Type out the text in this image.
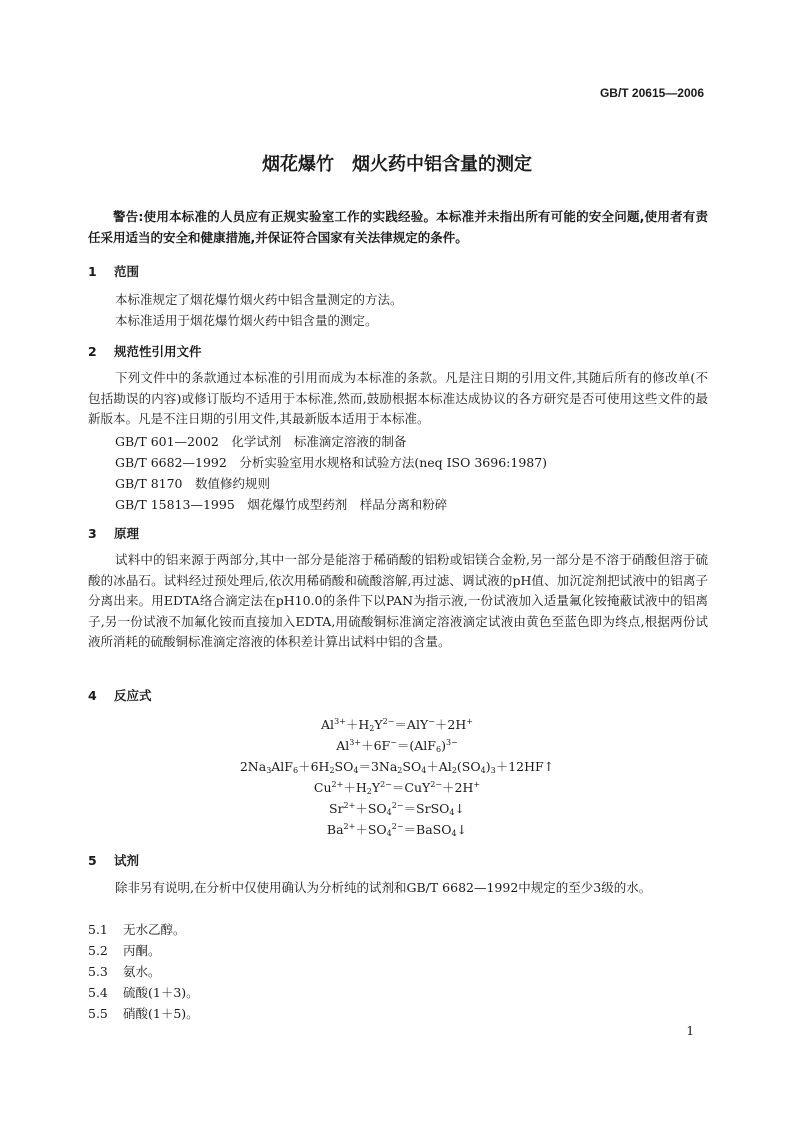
GB/T 20615—2006
烟花爆竹　烟火药中铝含量的测定
警告:使用本标准的人员应有正规实验室工作的实践经验。本标准并未指出所有可能的安全问题,使用者有责任采用适当的安全和健康措施,并保证符合国家有关法律规定的条件。
1 范围
本标准规定了烟花爆竹烟火药中铝含量测定的方法。
本标准适用于烟花爆竹烟火药中铝含量的测定。
2 规范性引用文件
下列文件中的条款通过本标准的引用而成为本标准的条款。凡是注日期的引用文件,其随后所有的修改单(不包括勘误的内容)或修订版均不适用于本标准,然而,鼓励根据本标准达成协议的各方研究是否可使用这些文件的最新版本。凡是不注日期的引用文件,其最新版本适用于本标准。
GB/T 601—2002　化学试剂　标准滴定溶液的制备
GB/T 6682—1992　分析实验室用水规格和试验方法(neq ISO 3696:1987)
GB/T 8170　数值修约规则
GB/T 15813—1995　烟花爆竹成型药剂　样品分离和粉碎
3 原理
试料中的铝来源于两部分,其中一部分是能溶于稀硝酸的铝粉或铝镁合金粉,另一部分是不溶于硝酸但溶于硫酸的冰晶石。试料经过预处理后,依次用稀硝酸和硫酸溶解,再过滤、调试液的pH值、加沉淀剂把试液中的铝离子分离出来。用EDTA络合滴定法在pH10.0的条件下以PAN为指示液,一份试液加入适量氟化铵掩蔽试液中的铝离子,另一份试液不加氟化铵而直接加入EDTA,用硫酸铜标准滴定溶液滴定试液由黄色至蓝色即为终点,根据两份试液所消耗的硫酸铜标准滴定溶液的体积差计算出试料中铝的含量。
4 反应式
$Al^{3+}+H_2Y^{2-}=AlY^-+2H^+$
$Al^{3+}+6F^-=(AlF_6)^{3-}$
$2Na_3AlF_6+6H_2SO_4=3Na_2SO_4+Al_2(SO_4)_3+12HF↑$
$Cu^{2+}+H_2Y^{2-}=CuY^{2-}+2H^+$
$Sr^{2+}+SO_4^{2-}=SrSO_4↓$
$Ba^{2+}+SO_4^{2-}=BaSO_4↓$
5 试剂
除非另有说明,在分析中仅使用确认为分析纯的试剂和GB/T 6682—1992中规定的至少3级的水。
5.1 无水乙醇。
5.2 丙酮。
5.3 氨水。
5.4 硫酸(1＋3)。
5.5 硝酸(1＋5)。
1
